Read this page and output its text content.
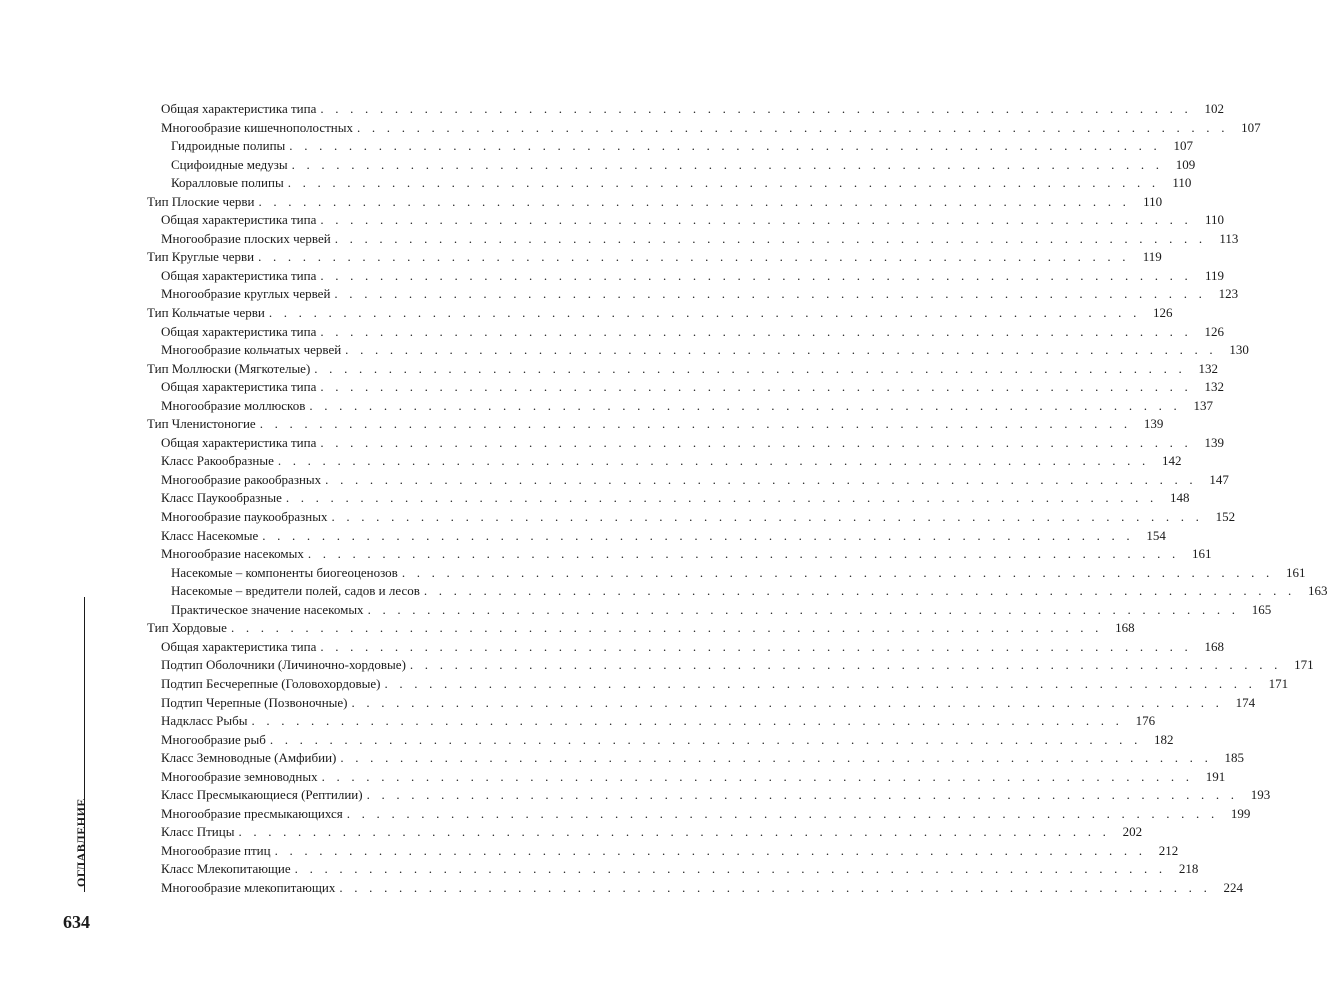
Общая характеристика типа . . . . . . . . . . . . . . . . . . . . . . . . . . . . . . . . . . . . . . . . . . . . . . . . . . . . . . . . . . . 102
Многообразие кишечнополостных . . . . . . . . . . . . . . . . . . . . . . . . . . . . . . . . . . . . . . . . . . . . . . . . . . . . . . . . . . . 107
Гидроидные полипы . . . . . . . . . . . . . . . . . . . . . . . . . . . . . . . . . . . . . . . . . . . . . . . . . . . . . . . . . . . 107
Сцифоидные медузы . . . . . . . . . . . . . . . . . . . . . . . . . . . . . . . . . . . . . . . . . . . . . . . . . . . . . . . . . . . 109
Коралловые полипы . . . . . . . . . . . . . . . . . . . . . . . . . . . . . . . . . . . . . . . . . . . . . . . . . . . . . . . . . . . 110
Тип Плоские черви . . . . . . . . . . . . . . . . . . . . . . . . . . . . . . . . . . . . . . . . . . . . . . . . . . . . . . . . . . . 110
Общая характеристика типа . . . . . . . . . . . . . . . . . . . . . . . . . . . . . . . . . . . . . . . . . . . . . . . . . . . . . . . . . . . 110
Многообразие плоских червей . . . . . . . . . . . . . . . . . . . . . . . . . . . . . . . . . . . . . . . . . . . . . . . . . . . . . . . . . . . 113
Тип Круглые черви . . . . . . . . . . . . . . . . . . . . . . . . . . . . . . . . . . . . . . . . . . . . . . . . . . . . . . . . . . . 119
Общая характеристика типа . . . . . . . . . . . . . . . . . . . . . . . . . . . . . . . . . . . . . . . . . . . . . . . . . . . . . . . . . . . 119
Многообразие круглых червей . . . . . . . . . . . . . . . . . . . . . . . . . . . . . . . . . . . . . . . . . . . . . . . . . . . . . . . . . . . 123
Тип Кольчатые черви . . . . . . . . . . . . . . . . . . . . . . . . . . . . . . . . . . . . . . . . . . . . . . . . . . . . . . . . . . . 126
Общая характеристика типа . . . . . . . . . . . . . . . . . . . . . . . . . . . . . . . . . . . . . . . . . . . . . . . . . . . . . . . . . . . 126
Многообразие кольчатых червей . . . . . . . . . . . . . . . . . . . . . . . . . . . . . . . . . . . . . . . . . . . . . . . . . . . . . . . . . . . 130
Тип Моллюски (Мягкотелые) . . . . . . . . . . . . . . . . . . . . . . . . . . . . . . . . . . . . . . . . . . . . . . . . . . . . . . . . . . . 132
Общая характеристика типа . . . . . . . . . . . . . . . . . . . . . . . . . . . . . . . . . . . . . . . . . . . . . . . . . . . . . . . . . . . 132
Многообразие моллюсков . . . . . . . . . . . . . . . . . . . . . . . . . . . . . . . . . . . . . . . . . . . . . . . . . . . . . . . . . . . 137
Тип Членистоногие . . . . . . . . . . . . . . . . . . . . . . . . . . . . . . . . . . . . . . . . . . . . . . . . . . . . . . . . . . . 139
Общая характеристика типа . . . . . . . . . . . . . . . . . . . . . . . . . . . . . . . . . . . . . . . . . . . . . . . . . . . . . . . . . . . 139
Класс Ракообразные . . . . . . . . . . . . . . . . . . . . . . . . . . . . . . . . . . . . . . . . . . . . . . . . . . . . . . . . . . . 142
Многообразие ракообразных . . . . . . . . . . . . . . . . . . . . . . . . . . . . . . . . . . . . . . . . . . . . . . . . . . . . . . . . . . . 147
Класс Паукообразные . . . . . . . . . . . . . . . . . . . . . . . . . . . . . . . . . . . . . . . . . . . . . . . . . . . . . . . . . . . 148
Многообразие паукообразных . . . . . . . . . . . . . . . . . . . . . . . . . . . . . . . . . . . . . . . . . . . . . . . . . . . . . . . . . . . 152
Класс Насекомые . . . . . . . . . . . . . . . . . . . . . . . . . . . . . . . . . . . . . . . . . . . . . . . . . . . . . . . . . . . 154
Многообразие насекомых . . . . . . . . . . . . . . . . . . . . . . . . . . . . . . . . . . . . . . . . . . . . . . . . . . . . . . . . . . . 161
Насекомые – компоненты биогеоценозов . . . . . . . . . . . . . . . . . . . . . . . . . . . . . . . . . . . . . . . . . . . . . . . . . . . . . . . . . . . 161
Насекомые – вредители полей, садов и лесов . . . . . . . . . . . . . . . . . . . . . . . . . . . . . . . . . . . . . . . . . . . . . . . . . . . . . . . . . . . 163
Практическое значение насекомых . . . . . . . . . . . . . . . . . . . . . . . . . . . . . . . . . . . . . . . . . . . . . . . . . . . . . . . . . . . 165
Тип Хордовые . . . . . . . . . . . . . . . . . . . . . . . . . . . . . . . . . . . . . . . . . . . . . . . . . . . . . . . . . . . 168
Общая характеристика типа . . . . . . . . . . . . . . . . . . . . . . . . . . . . . . . . . . . . . . . . . . . . . . . . . . . . . . . . . . . 168
Подтип Оболочники (Личиночно-хордовые) . . . . . . . . . . . . . . . . . . . . . . . . . . . . . . . . . . . . . . . . . . . . . . . . . . . . . . . . . . . 171
Подтип Бесчерепные (Головохордовые) . . . . . . . . . . . . . . . . . . . . . . . . . . . . . . . . . . . . . . . . . . . . . . . . . . . . . . . . . . . 171
Подтип Черепные (Позвоночные) . . . . . . . . . . . . . . . . . . . . . . . . . . . . . . . . . . . . . . . . . . . . . . . . . . . . . . . . . . . 174
Надкласс Рыбы . . . . . . . . . . . . . . . . . . . . . . . . . . . . . . . . . . . . . . . . . . . . . . . . . . . . . . . . . . . 176
Многообразие рыб . . . . . . . . . . . . . . . . . . . . . . . . . . . . . . . . . . . . . . . . . . . . . . . . . . . . . . . . . . . 182
Класс Земноводные (Амфибии) . . . . . . . . . . . . . . . . . . . . . . . . . . . . . . . . . . . . . . . . . . . . . . . . . . . . . . . . . . . 185
Многообразие земноводных . . . . . . . . . . . . . . . . . . . . . . . . . . . . . . . . . . . . . . . . . . . . . . . . . . . . . . . . . . . 191
Класс Пресмыкающиеся (Рептилии) . . . . . . . . . . . . . . . . . . . . . . . . . . . . . . . . . . . . . . . . . . . . . . . . . . . . . . . . . . . 193
Многообразие пресмыкающихся . . . . . . . . . . . . . . . . . . . . . . . . . . . . . . . . . . . . . . . . . . . . . . . . . . . . . . . . . . . 199
Класс Птицы . . . . . . . . . . . . . . . . . . . . . . . . . . . . . . . . . . . . . . . . . . . . . . . . . . . . . . . . . . . 202
Многообразие птиц . . . . . . . . . . . . . . . . . . . . . . . . . . . . . . . . . . . . . . . . . . . . . . . . . . . . . . . . . . . 212
Класс Млекопитающие . . . . . . . . . . . . . . . . . . . . . . . . . . . . . . . . . . . . . . . . . . . . . . . . . . . . . . . . . . . 218
Многообразие млекопитающих . . . . . . . . . . . . . . . . . . . . . . . . . . . . . . . . . . . . . . . . . . . . . . . . . . . . . . . . . . . 224
ОГЛАВЛЕНИЕ
634
